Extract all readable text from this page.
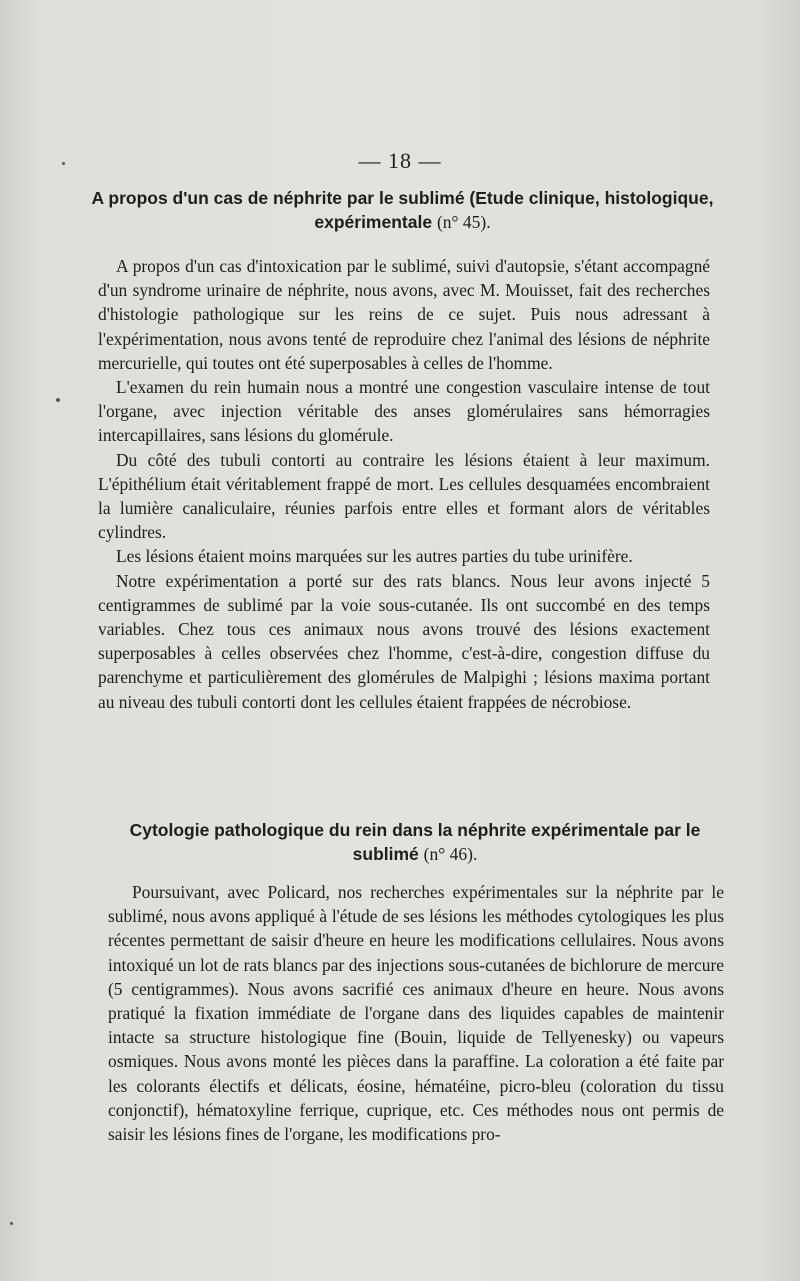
— 18 —
A propos d'un cas de néphrite par le sublimé (Etude clinique, histologique, expérimentale (n° 45).

A propos d'un cas d'intoxication par le sublimé, suivi d'autopsie, s'étant accompagné d'un syndrome urinaire de néphrite, nous avons, avec M. Mouisset, fait des recherches d'histologie pathologique sur les reins de ce sujet. Puis nous adressant à l'expérimentation, nous avons tenté de reproduire chez l'animal des lésions de néphrite mercurielle, qui toutes ont été superposables à celles de l'homme.

L'examen du rein humain nous a montré une congestion vasculaire intense de tout l'organe, avec injection véritable des anses glomérulaires sans hémorragies intercapillaires, sans lésions du glomérule.

Du côté des tubuli contorti au contraire les lésions étaient à leur maximum. L'épithélium était véritablement frappé de mort. Les cellules desquamées encombraient la lumière canaliculaire, réunies parfois entre elles et formant alors de véritables cylindres.

Les lésions étaient moins marquées sur les autres parties du tube urinifère.

Notre expérimentation a porté sur des rats blancs. Nous leur avons injecté 5 centigrammes de sublimé par la voie sous-cutanée. Ils ont succombé en des temps variables. Chez tous ces animaux nous avons trouvé des lésions exactement superposables à celles observées chez l'homme, c'est-à-dire, congestion diffuse du parenchyme et particulièrement des glomérules de Malpighi ; lésions maxima portant au niveau des tubuli contorti dont les cellules étaient frappées de nécrobiose.

Cytologie pathologique du rein dans la néphrite expérimentale par le sublimé (n° 46).

Poursuivant, avec Policard, nos recherches expérimentales sur la néphrite par le sublimé, nous avons appliqué à l'étude de ses lésions les méthodes cytologiques les plus récentes permettant de saisir d'heure en heure les modifications cellulaires. Nous avons intoxiqué un lot de rats blancs par des injections sous-cutanées de bichlorure de mercure (5 centigrammes). Nous avons sacrifié ces animaux d'heure en heure. Nous avons pratiqué la fixation immédiate de l'organe dans des liquides capables de maintenir intacte sa structure histologique fine (Bouin, liquide de Tellyenesky) ou vapeurs osmiques. Nous avons monté les pièces dans la paraffine. La coloration a été faite par les colorants électifs et délicats, éosine, hématéine, picro-bleu (coloration du tissu conjonctif), hématoxyline ferrique, cuprique, etc. Ces méthodes nous ont permis de saisir les lésions fines de l'organe, les modifications pro-
